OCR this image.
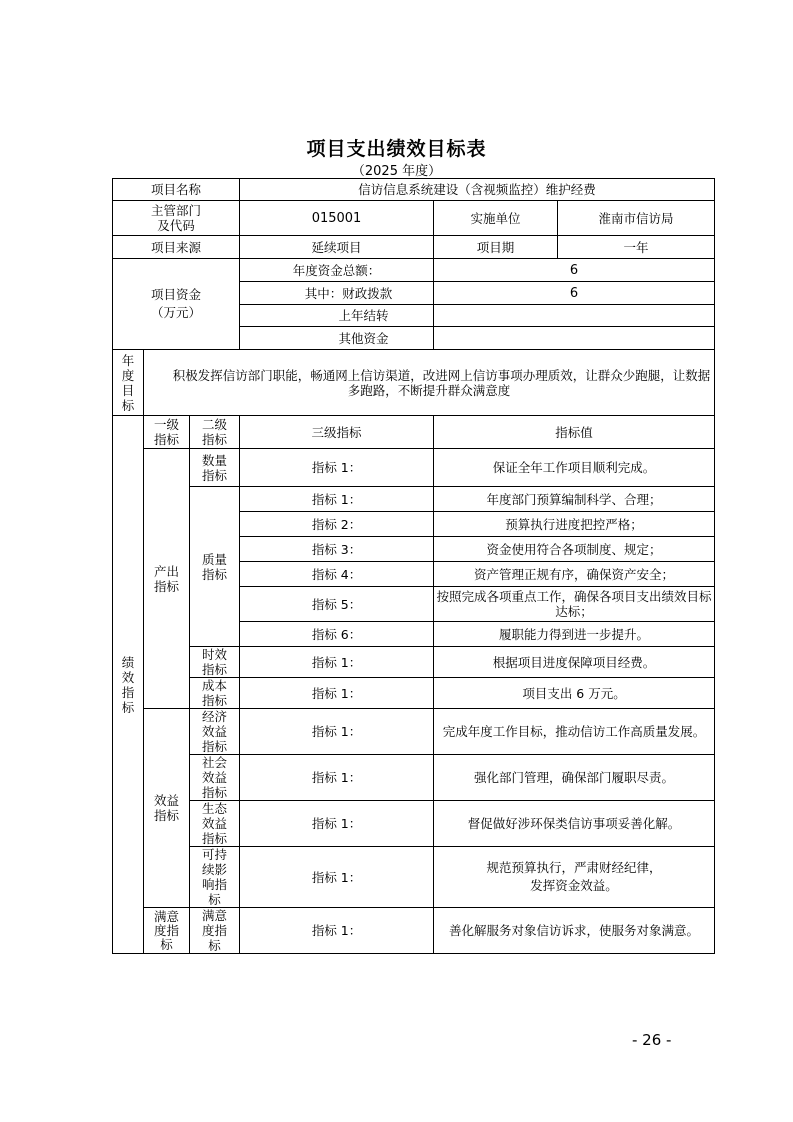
项目支出绩效目标表
（2025 年度）
项目名称			信访信息系统建设（含视频监控）维护经费		

主管部门
及代码			015001	实施单位	淮南市信访局
项目来源			延续项目	项目期	一年

项目资金
（万元）			年度资金总额：	6	
			其中：财政拨款	6	
			上年结转		
			其他资金		
年度目标	积极发挥信访部门职能，畅通网上信访渠道，改进网上信访事项办理质效，让群众少跑腿，让数据多跑路，不断提升群众满意度				
绩效指标	一级指标	二级指标	三级指标	指标值	
	产出指标	数量指标	指标 1：	保证全年工作项目顺利完成。	
		质量指标	指标 1：	年度部门预算编制科学、合理；	
			指标 2：	预算执行进度把控严格；	
			指标 3：	资金使用符合各项制度、规定；	
			指标 4：	资产管理正规有序，确保资产安全；	
			指标 5：	按照完成各项重点工作，确保各项目支出绩效目标达标；	
			指标 6：	履职能力得到进一步提升。	
		时效指标	指标 1：	根据项目进度保障项目经费。	
		成本指标	指标 1：	项目支出 6 万元。	
	效益指标	经济效益指标	指标 1：	完成年度工作目标，推动信访工作高质量发展。	
		社会效益指标	指标 1：	强化部门管理，确保部门履职尽责。	
		生态效益指标	指标 1：	督促做好涉环保类信访事项妥善化解。	
		可持续影响指标	指标 1：	规范预算执行，严肃财经纪律，
发挥资金效益。	

	满意度指标	满意度指标	指标 1：	善化解服务对象信访诉求，使服务对象满意。	
- 26 -
